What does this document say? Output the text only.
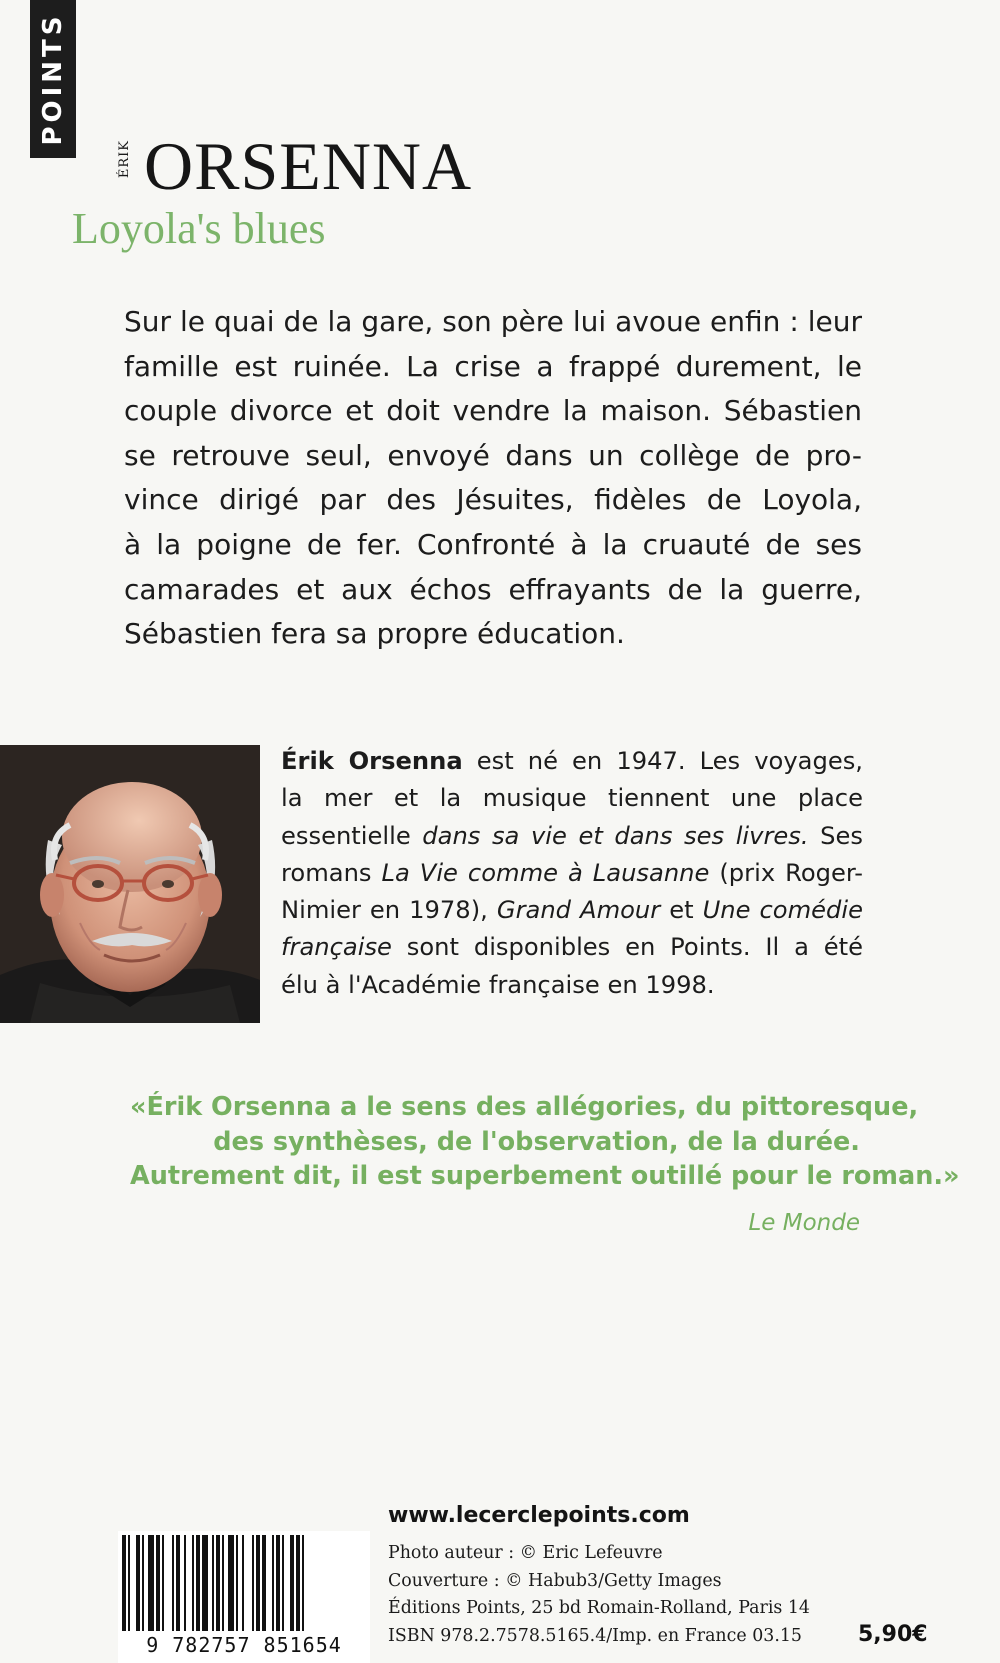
POINTS
ÉRIK ORSENNA
Loyola's blues
Sur le quai de la gare, son père lui avoue enfin : leur
famille est ruinée. La crise a frappé durement, le
couple divorce et doit vendre la maison. Sébastien
se retrouve seul, envoyé dans un collège de pro-
vince dirigé par des Jésuites, fidèles de Loyola,
à la poigne de fer. Confronté à la cruauté de ses
camarades et aux échos effrayants de la guerre,
Sébastien fera sa propre éducation.
Érik Orsenna est né en 1947. Les voyages,
la mer et la musique tiennent une place
essentielle dans sa vie et dans ses livres. Ses
romans La Vie comme à Lausanne (prix Roger-
Nimier en 1978), Grand Amour et Une comédie
française sont disponibles en Points. Il a été
élu à l'Académie française en 1998.
«Érik Orsenna a le sens des allégories, du pittoresque,
des synthèses, de l'observation, de la durée.
Autrement dit, il est superbement outillé pour le roman.»
Le Monde
9 782757 851654
www.lecerclepoints.com
Photo auteur : © Eric Lefeuvre
Couverture : © Habub3/Getty Images
Éditions Points, 25 bd Romain-Rolland, Paris 14
ISBN 978.2.7578.5165.4/Imp. en France 03.15	5,90€
